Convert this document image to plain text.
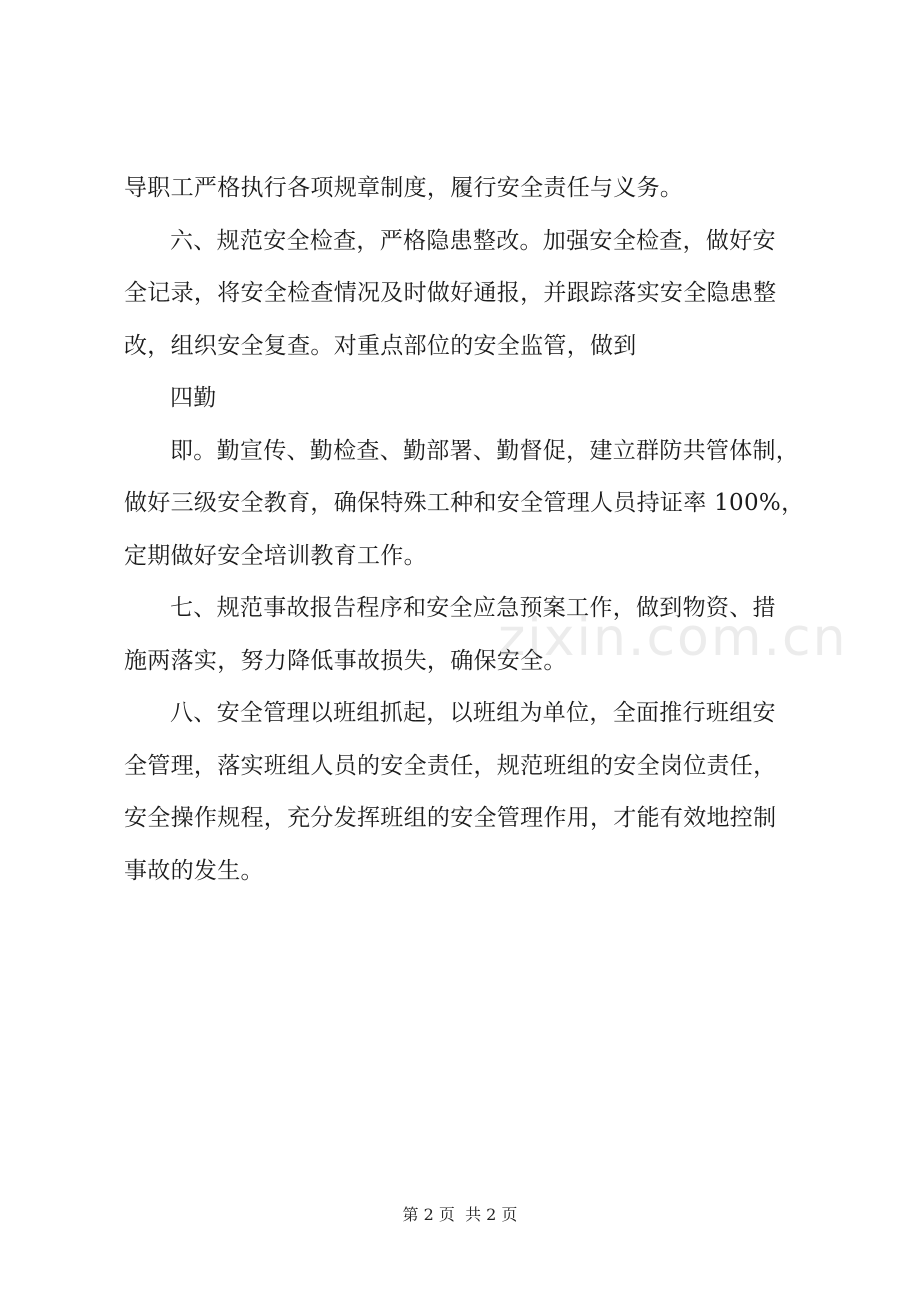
导职工严格执行各项规章制度，履行安全责任与义务。
六、规范安全检查，严格隐患整改。加强安全检查，做好安
全记录，将安全检查情况及时做好通报，并跟踪落实安全隐患整
改，组织安全复查。对重点部位的安全监管，做到
四勤
即。勤宣传、勤检查、勤部署、勤督促，建立群防共管体制，
做好三级安全教育，确保特殊工种和安全管理人员持证率 100%，
定期做好安全培训教育工作。
七、规范事故报告程序和安全应急预案工作，做到物资、措
施两落实，努力降低事故损失，确保安全。
八、安全管理以班组抓起，以班组为单位，全面推行班组安
全管理，落实班组人员的安全责任，规范班组的安全岗位责任，
安全操作规程，充分发挥班组的安全管理作用，才能有效地控制
事故的发生。
zixin.com.cn
第 2 页  共 2 页
